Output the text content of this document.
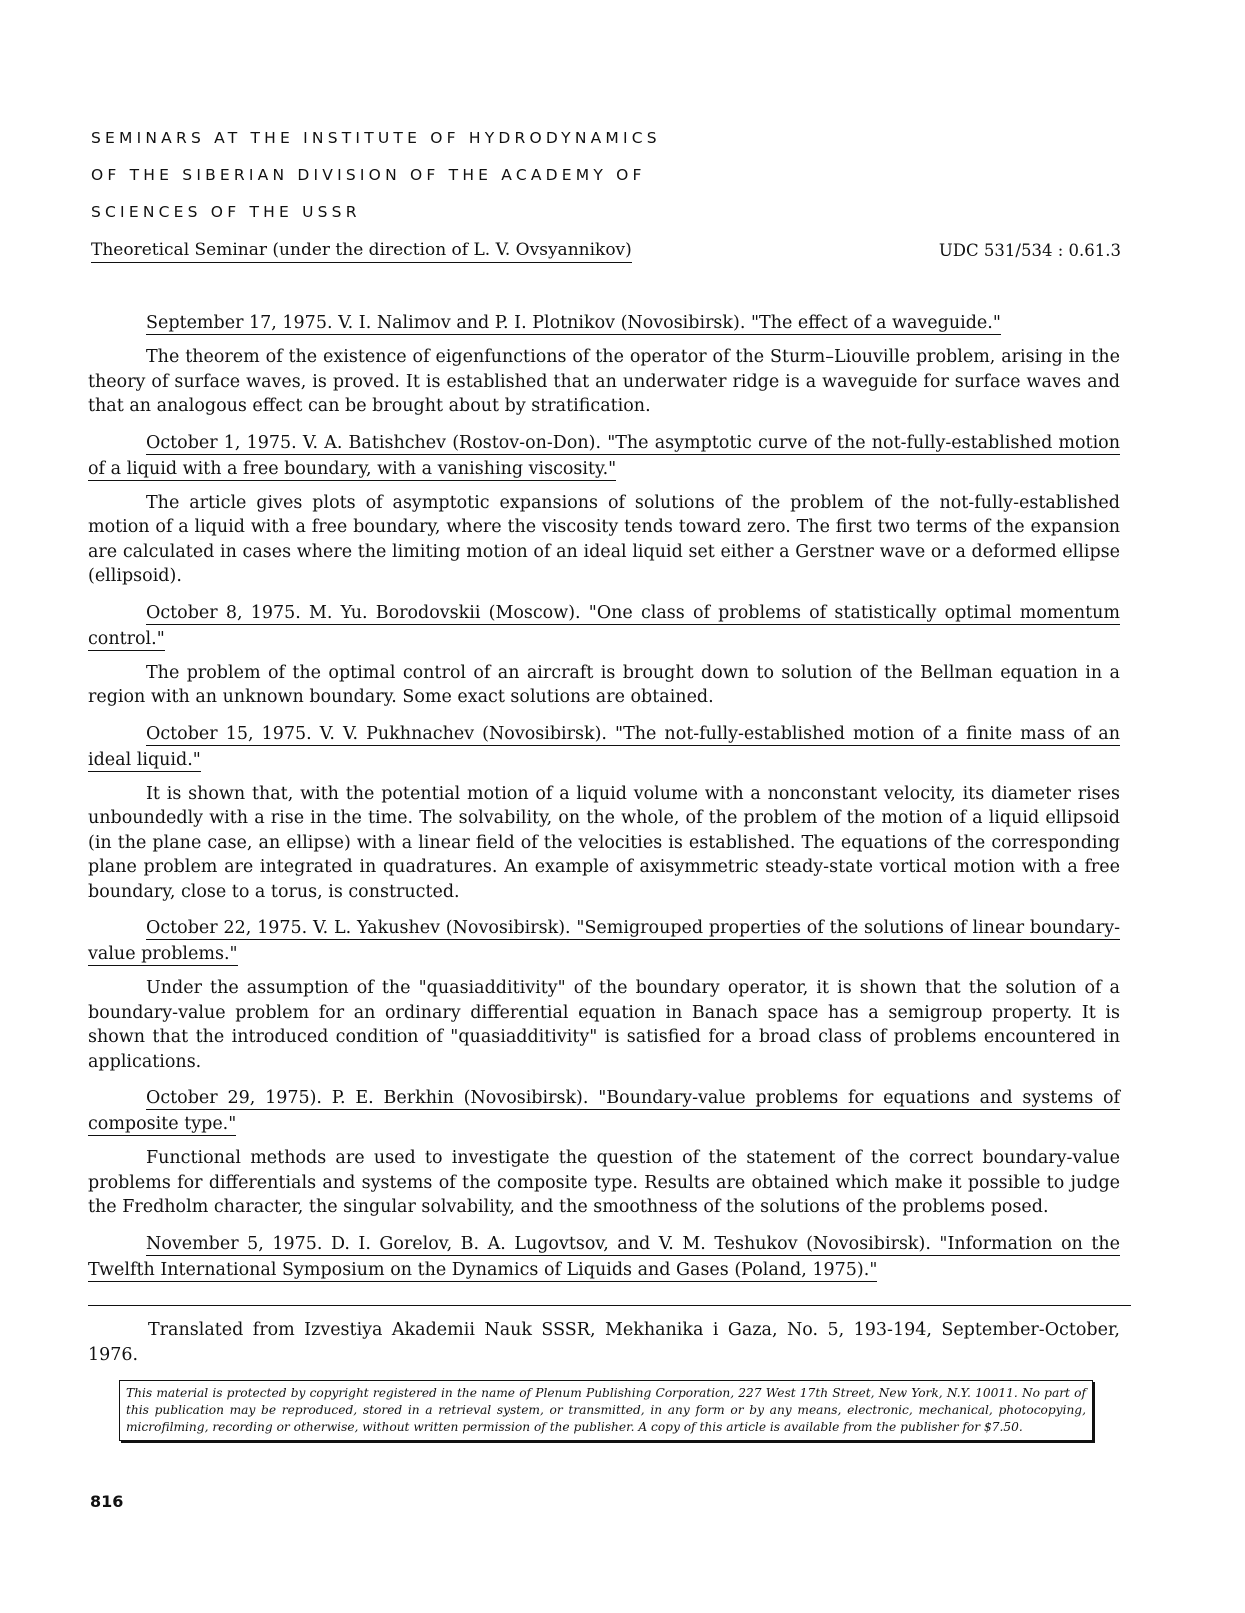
SEMINARS AT THE INSTITUTE OF HYDRODYNAMICS
OF THE SIBERIAN DIVISION OF THE ACADEMY OF
SCIENCES OF THE USSR
Theoretical Seminar (under the direction of L. V. Ovsyannikov)	UDC 531/534 : 0.61.3
September 17, 1975. V. I. Nalimov and P. I. Plotnikov (Novosibirsk). "The effect of a waveguide."
The theorem of the existence of eigenfunctions of the operator of the Sturm–Liouville problem, arising in the theory of surface waves, is proved. It is established that an underwater ridge is a waveguide for surface waves and that an analogous effect can be brought about by stratification.
October 1, 1975. V. A. Batishchev (Rostov-on-Don). "The asymptotic curve of the not-fully-established motion of a liquid with a free boundary, with a vanishing viscosity."
The article gives plots of asymptotic expansions of solutions of the problem of the not-fully-established motion of a liquid with a free boundary, where the viscosity tends toward zero. The first two terms of the expansion are calculated in cases where the limiting motion of an ideal liquid set either a Gerstner wave or a deformed ellipse (ellipsoid).
October 8, 1975. M. Yu. Borodovskii (Moscow). "One class of problems of statistically optimal momentum control."
The problem of the optimal control of an aircraft is brought down to solution of the Bellman equation in a region with an unknown boundary. Some exact solutions are obtained.
October 15, 1975. V. V. Pukhnachev (Novosibirsk). "The not-fully-established motion of a finite mass of an ideal liquid."
It is shown that, with the potential motion of a liquid volume with a nonconstant velocity, its diameter rises unboundedly with a rise in the time. The solvability, on the whole, of the problem of the motion of a liquid ellipsoid (in the plane case, an ellipse) with a linear field of the velocities is established. The equations of the corresponding plane problem are integrated in quadratures. An example of axisymmetric steady-state vortical motion with a free boundary, close to a torus, is constructed.
October 22, 1975. V. L. Yakushev (Novosibirsk). "Semigrouped properties of the solutions of linear boundary-value problems."
Under the assumption of the "quasiadditivity" of the boundary operator, it is shown that the solution of a boundary-value problem for an ordinary differential equation in Banach space has a semigroup property. It is shown that the introduced condition of "quasiadditivity" is satisfied for a broad class of problems encountered in applications.
October 29, 1975). P. E. Berkhin (Novosibirsk). "Boundary-value problems for equations and systems of composite type."
Functional methods are used to investigate the question of the statement of the correct boundary-value problems for differentials and systems of the composite type. Results are obtained which make it possible to judge the Fredholm character, the singular solvability, and the smoothness of the solutions of the problems posed.
November 5, 1975. D. I. Gorelov, B. A. Lugovtsov, and V. M. Teshukov (Novosibirsk). "Information on the Twelfth International Symposium on the Dynamics of Liquids and Gases (Poland, 1975)."
Translated from Izvestiya Akademii Nauk SSSR, Mekhanika i Gaza, No. 5, 193-194, September-October, 1976.
This material is protected by copyright registered in the name of Plenum Publishing Corporation, 227 West 17th Street, New York, N.Y. 10011. No part of this publication may be reproduced, stored in a retrieval system, or transmitted, in any form or by any means, electronic, mechanical, photocopying, microfilming, recording or otherwise, without written permission of the publisher. A copy of this article is available from the publisher for $7.50.
816
